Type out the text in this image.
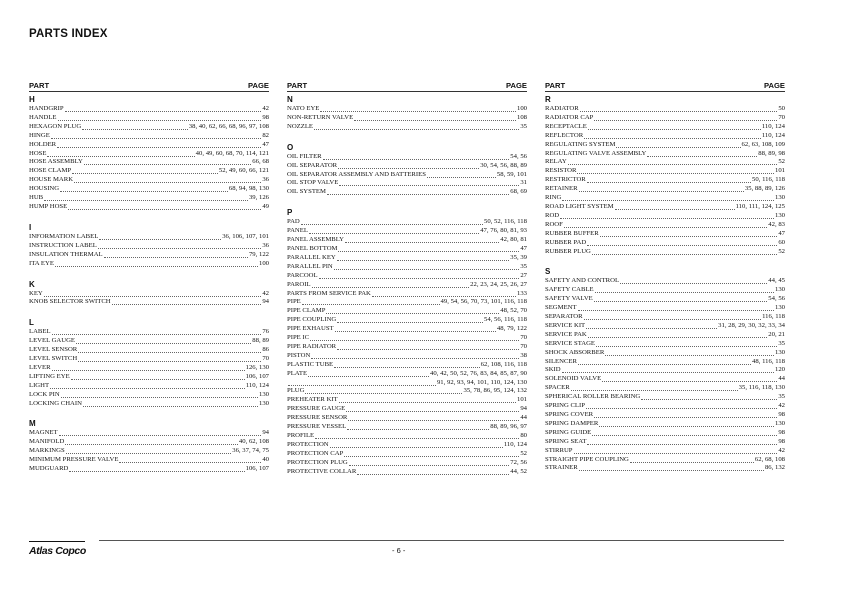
PARTS INDEX
PART	PAGE
H
HANDGRIP	42
HANDLE	98
HEXAGON PLUG	38, 40, 62, 66, 68, 96, 97, 108
HINGE	82
HOLDER	47
HOSE	40, 49, 60, 68, 70, 114, 121
HOSE ASSEMBLY	66, 68
HOSE CLAMP	52, 49, 60, 66, 121
HOUSE MARK	36
HOUSING	68, 94, 98, 130
HUB	39, 126
HUMP HOSE	49
I
INFORMATION LABEL	36, 106, 107, 101
INSTRUCTION LABEL	36
INSULATION THERMAL	79, 122
ITA EYE	100
K
KEY	42
KNOB SELECTOR SWITCH	94
L
LABEL	76
LEVEL GAUGE	88, 89
LEVEL SENSOR	86
LEVEL SWITCH	70
LEVER	126, 130
LIFTING EYE	106, 107
LIGHT	110, 124
LOCK PIN	130
LOCKING CHAIN	130
M
MAGNET	94
MANIFOLD	40, 62, 108
MARKINGS	36, 37, 74, 75
MINIMUM PRESSURE VALVE	40
MUDGUARD	106, 107
PART	PAGE
N
NATO EYE	100
NON-RETURN VALVE	108
NOZZLE	35
O
OIL FILTER	54, 56
OIL SEPARATOR	30, 54, 56, 88, 89
OIL SEPARATOR ASSEMBLY AND BATTERIES	58, 59, 101
OIL STOP VALVE	31
OIL SYSTEM	68, 69
P
PAD	50, 52, 116, 118
PANEL	47, 76, 80, 81, 93
PANEL ASSEMBLY	42, 80, 81
PANEL BOTTOM	47
PARALLEL KEY	35, 39
PARALLEL PIN	35
PARCOOL	27
PAROIL	22, 23, 24, 25, 26, 27
PARTS FROM SERVICE PAK	133
PIPE	49, 54, 56, 70, 73, 101, 116, 118
PIPE CLAMP	48, 52, 70
PIPE COUPLING	54, 56, 116, 118
PIPE EXHAUST	48, 79, 122
PIPE IC	70
PIPE RADIATOR	70
PISTON	38
PLASTIC TUBE	62, 108, 116, 118
PLATE	40, 42, 50, 52, 76, 83, 84, 85, 87, 90
91, 92, 93, 94, 101, 110, 124, 130
PLUG	35, 78, 86, 95, 124, 132
PREHEATER KIT	101
PRESSURE GAUGE	94
PRESSURE SENSOR	44
PRESSURE VESSEL	88, 89, 96, 97
PROFILE	80
PROTECTION	110, 124
PROTECTION CAP	52
PROTECTION PLUG	72, 56
PROTECTIVE COLLAR	44, 52
PART	PAGE
R
RADIATOR	50
RADIATOR CAP	70
RECEPTACLE	110, 124
REFLECTOR	110, 124
REGULATING SYSTEM	62, 63, 108, 109
REGULATING VALVE ASSEMBLY	88, 89, 98
RELAY	52
RESISTOR	101
RESTRICTOR	50, 116, 118
RETAINER	35, 88, 89, 126
RING	130
ROAD LIGHT SYSTEM	110, 111, 124, 125
ROD	130
ROOF	42, 83
RUBBER BUFFER	47
RUBBER PAD	60
RUBBER PLUG	52
S
SAFETY AND CONTROL	44, 45
SAFETY CABLE	130
SAFETY VALVE	54, 56
SEGMENT	130
SEPARATOR	116, 118
SERVICE KIT	31, 28, 29, 30, 32, 33, 34
SERVICE PAK	20, 21
SERVICE STAGE	35
SHOCK ABSORBER	130
SILENCER	48, 116, 118
SKID	120
SOLENOID VALVE	44
SPACER	35, 116, 118, 130
SPHERICAL ROLLER BEARING	35
SPRING CLIP	42
SPRING COVER	98
SPRING DAMPER	130
SPRING GUIDE	98
SPRING SEAT	98
STIRRUP	42
STRAIGHT PIPE COUPLING	62, 68, 108
STRAINER	86, 132
Atlas Copco	- 6 -
